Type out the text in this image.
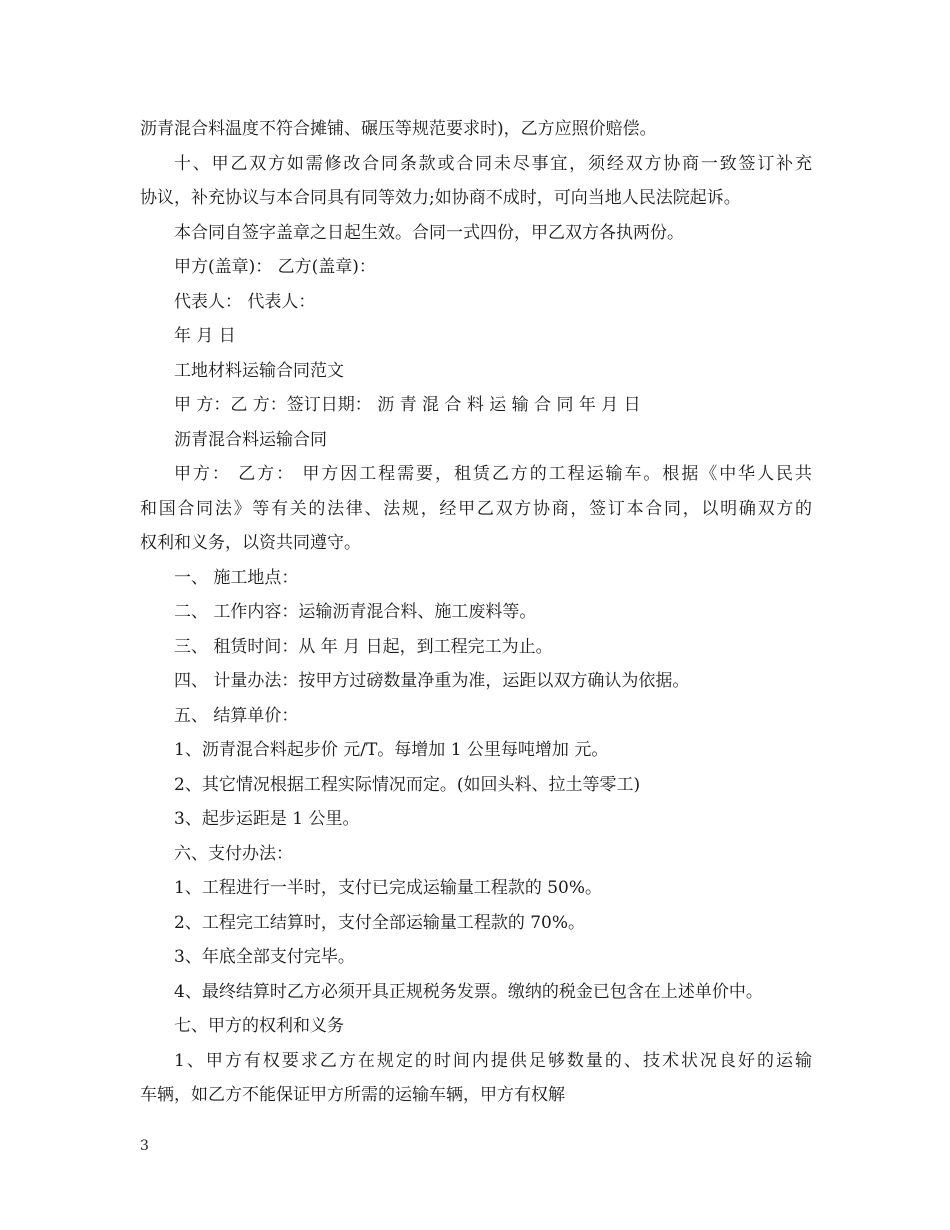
沥青混合料温度不符合摊铺、碾压等规范要求时)，乙方应照价赔偿。
十、甲乙双方如需修改合同条款或合同未尽事宜，须经双方协商一致签订补充
协议，补充协议与本合同具有同等效力;如协商不成时，可向当地人民法院起诉。
本合同自签字盖章之日起生效。合同一式四份，甲乙双方各执两份。
甲方(盖章)： 乙方(盖章)：
代表人： 代表人：
年 月 日
工地材料运输合同范文
甲 方：乙 方：签订日期： 沥 青 混 合 料 运 输 合 同 年 月 日
沥青混合料运输合同
甲方： 乙方： 甲方因工程需要，租赁乙方的工程运输车。根据《中华人民共
和国合同法》等有关的法律、法规，经甲乙双方协商，签订本合同，以明确双方的
权利和义务，以资共同遵守。
一、 施工地点：
二、 工作内容：运输沥青混合料、施工废料等。
三、 租赁时间：从 年 月 日起，到工程完工为止。
四、 计量办法：按甲方过磅数量净重为准，运距以双方确认为依据。
五、 结算单价：
1、沥青混合料起步价 元/T。每增加 1 公里每吨增加 元。
2、其它情况根据工程实际情况而定。(如回头料、拉土等零工)
3、起步运距是 1 公里。
六、支付办法：
1、工程进行一半时，支付已完成运输量工程款的 50%。
2、工程完工结算时，支付全部运输量工程款的 70%。
3、年底全部支付完毕。
4、最终结算时乙方必须开具正规税务发票。缴纳的税金已包含在上述单价中。
七、甲方的权利和义务
1、甲方有权要求乙方在规定的时间内提供足够数量的、技术状况良好的运输
车辆，如乙方不能保证甲方所需的运输车辆，甲方有权解
3
